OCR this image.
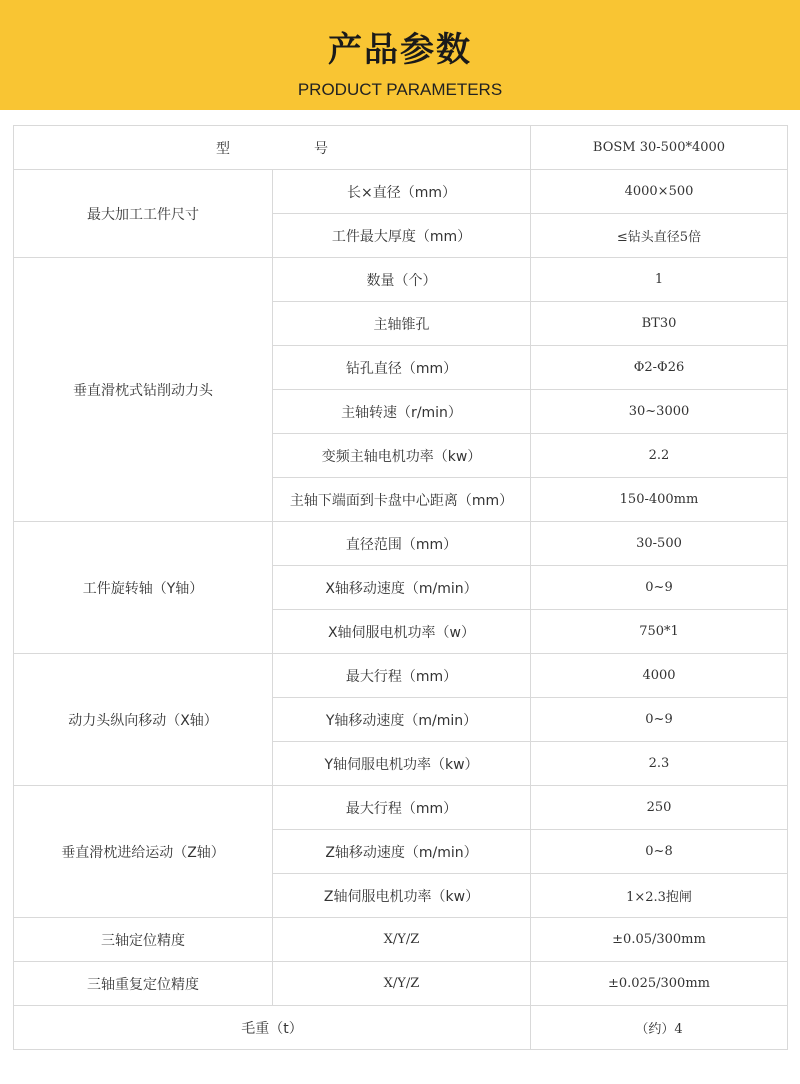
产品参数
PRODUCT PARAMETERS
型　　　　　　号		BOSM 30-500*4000
最大加工工件尺寸	长×直径（mm）	4000×500
	工件最大厚度（mm）	≤钻头直径5倍
垂直滑枕式钻削动力头	数量（个）	1
	主轴锥孔	BT30
	钻孔直径（mm）	Φ2-Φ26
	主轴转速（r/min）	30~3000
	变频主轴电机功率（kw）	2.2
	主轴下端面到卡盘中心距离（mm）	150-400mm
工件旋转轴（Y轴）	直径范围（mm）	30-500
	X轴移动速度（m/min）	0~9
	X轴伺服电机功率（w）	750*1
动力头纵向移动（X轴）	最大行程（mm）	4000
	Y轴移动速度（m/min）	0~9
	Y轴伺服电机功率（kw）	2.3
垂直滑枕进给运动（Z轴）	最大行程（mm）	250
	Z轴移动速度（m/min）	0~8
	Z轴伺服电机功率（kw）	1×2.3抱闸
三轴定位精度	X/Y/Z	±0.05/300mm
三轴重复定位精度	X/Y/Z	±0.025/300mm
毛重（t）		（约）4
